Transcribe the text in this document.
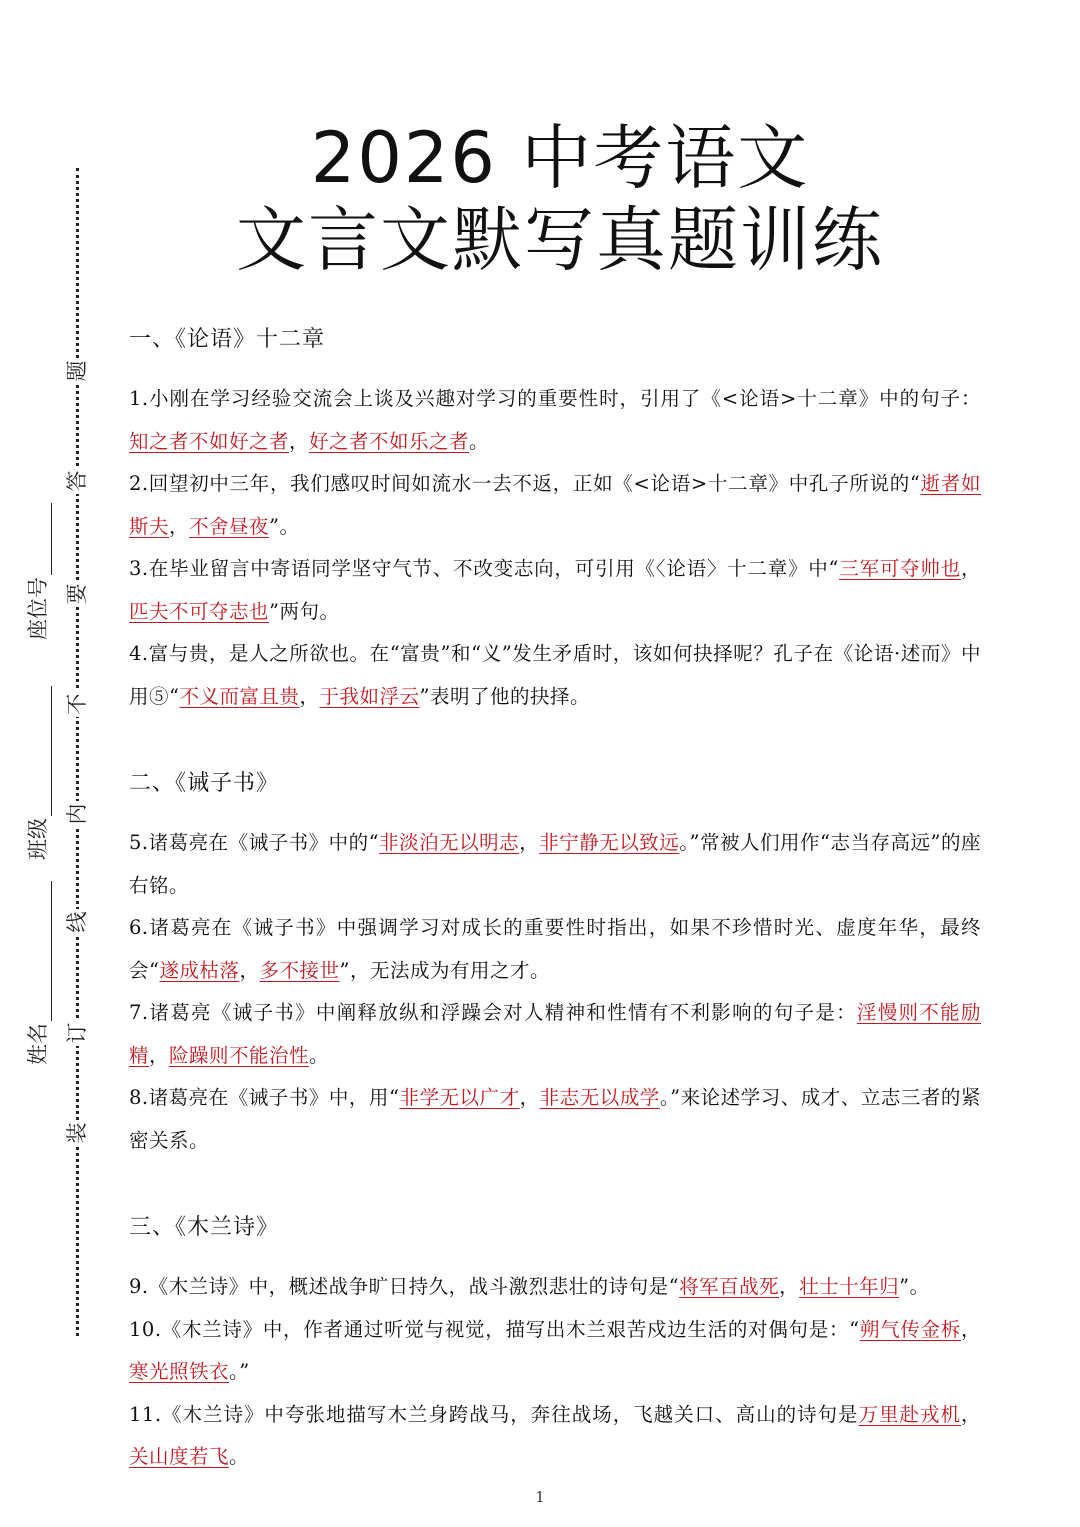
题
答
要
不
内
线
订
装
座位号
班级
姓名
2026 中考语文
文言文默写真题训练
一、《论语》十二章

1.小刚在学习经验交流会上谈及兴趣对学习的重要性时，引用了《<论语>十二章》中的句子：知之者不如好之者，好之者不如乐之者。

2.回望初中三年，我们感叹时间如流水一去不返，正如《<论语>十二章》中孔子所说的“逝者如斯夫，不舍昼夜”。

3.在毕业留言中寄语同学坚守气节、不改变志向，可引用《〈论语〉十二章》中“三军可夺帅也，匹夫不可夺志也”两句。

4.富与贵，是人之所欲也。在“富贵”和“义”发生矛盾时，该如何抉择呢？孔子在《论语·述而》中用⑤“不义而富且贵，于我如浮云”表明了他的抉择。

二、《诫子书》

5.诸葛亮在《诫子书》中的“非淡泊无以明志，非宁静无以致远。”常被人们用作“志当存高远”的座右铭。

6.诸葛亮在《诫子书》中强调学习对成长的重要性时指出，如果不珍惜时光、虚度年华，最终会“遂成枯落，多不接世”，无法成为有用之才。

7.诸葛亮《诫子书》中阐释放纵和浮躁会对人精神和性情有不利影响的句子是：淫慢则不能励精，险躁则不能治性。

8.诸葛亮在《诫子书》中，用“非学无以广才，非志无以成学。”来论述学习、成才、立志三者的紧密关系。

三、《木兰诗》

9.《木兰诗》中，概述战争旷日持久，战斗激烈悲壮的诗句是“将军百战死，壮士十年归”。

10.《木兰诗》中，作者通过听觉与视觉，描写出木兰艰苦戍边生活的对偶句是：“朔气传金柝，寒光照铁衣。”

11.《木兰诗》中夸张地描写木兰身跨战马，奔往战场，飞越关口、高山的诗句是万里赴戎机，关山度若飞。

1
